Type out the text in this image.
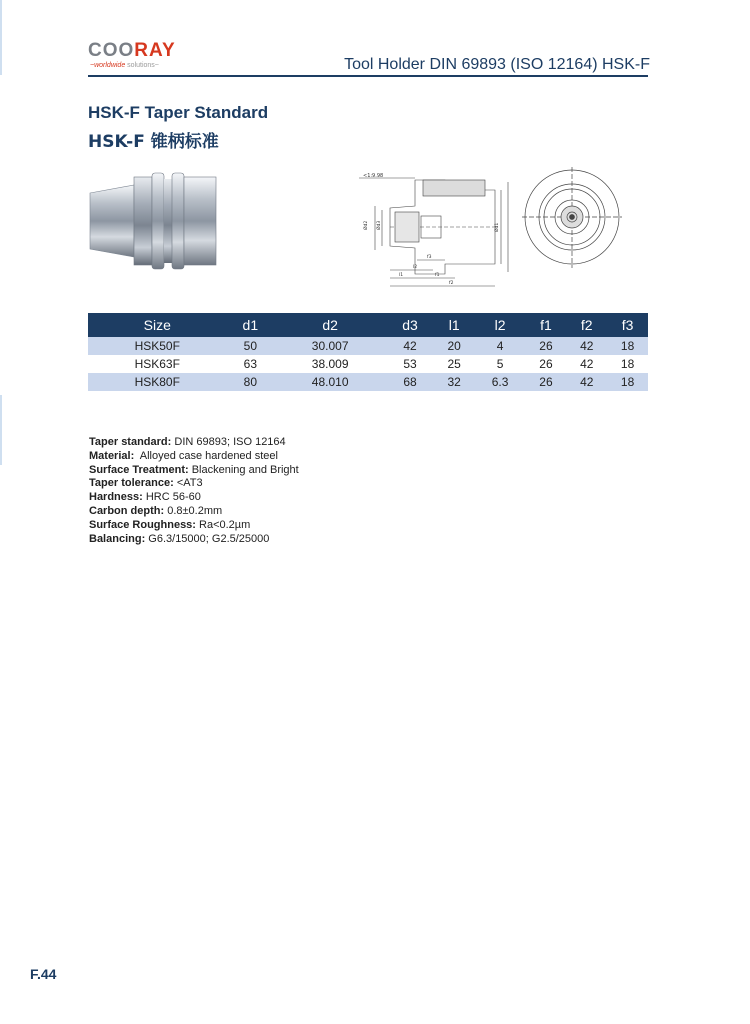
COORAY
~worldwide solutions~	Tool Holder DIN 69893 (ISO 12164) HSK-F
HSK-F Taper Standard
HSK-F 锥柄标准
<1:9.98
Ød2	Ød3	Ød1
l2
f3
l1	f1
f2
Size	d1	d2	d3	l1	l2	f1	f2	f3
HSK50F	50	30.007	42	20	4	26	42	18
HSK63F	63	38.009	53	25	5	26	42	18
HSK80F	80	48.010	68	32	6.3	26	42	18
Taper standard: DIN 69893; ISO 12164
Material:  Alloyed case hardened steel
Surface Treatment: Blackening and Bright
Taper tolerance: <AT3
Hardness: HRC 56-60
Carbon depth: 0.8±0.2mm
Surface Roughness: Ra<0.2µm
Balancing: G6.3/15000; G2.5/25000
F.44
